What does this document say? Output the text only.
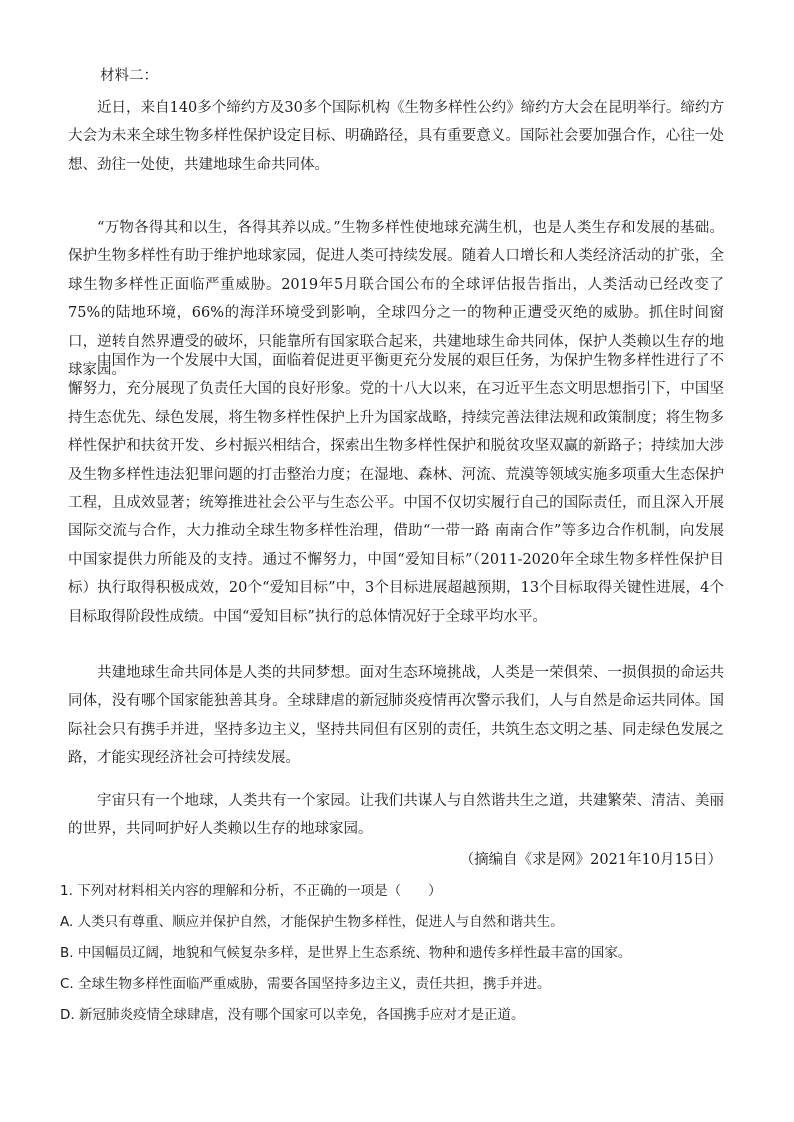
材料二：

近日，来自140多个缔约方及30多个国际机构《生物多样性公约》缔约方大会在昆明举行。缔约方大会为未来全球生物多样性保护设定目标、明确路径，具有重要意义。国际社会要加强合作，心往一处想、劲往一处使，共建地球生命共同体。

“万物各得其和以生，各得其养以成。”生物多样性使地球充满生机，也是人类生存和发展的基础。保护生物多样性有助于维护地球家园，促进人类可持续发展。随着人口增长和人类经济活动的扩张，全球生物多样性正面临严重威胁。2019年5月联合国公布的全球评估报告指出，人类活动已经改变了75%的陆地环境，66%的海洋环境受到影响，全球四分之一的物种正遭受灭绝的威胁。抓住时间窗口，逆转自然界遭受的破坏，只能靠所有国家联合起来，共建地球生命共同体，保护人类赖以生存的地球家园。

中国作为一个发展中大国，面临着促进更平衡更充分发展的艰巨任务，为保护生物多样性进行了不懈努力，充分展现了负责任大国的良好形象。党的十八大以来，在习近平生态文明思想指引下，中国坚持生态优先、绿色发展，将生物多样性保护上升为国家战略，持续完善法律法规和政策制度；将生物多样性保护和扶贫开发、乡村振兴相结合，探索出生物多样性保护和脱贫攻坚双赢的新路子；持续加大涉及生物多样性违法犯罪问题的打击整治力度；在湿地、森林、河流、荒漠等领域实施多项重大生态保护工程，且成效显著；统筹推进社会公平与生态公平。中国不仅切实履行自己的国际责任，而且深入开展国际交流与合作，大力推动全球生物多样性治理，借助“一带一路 南南合作”等多边合作机制，向发展中国家提供力所能及的支持。通过不懈努力，中国“爱知目标”（2011-2020年全球生物多样性保护目标）执行取得积极成效，20个“爱知目标”中，3个目标进展超越预期，13个目标取得关键性进展，4个目标取得阶段性成绩。中国“爱知目标”执行的总体情况好于全球平均水平。

共建地球生命共同体是人类的共同梦想。面对生态环境挑战，人类是一荣俱荣、一损俱损的命运共同体，没有哪个国家能独善其身。全球肆虐的新冠肺炎疫情再次警示我们，人与自然是命运共同体。国际社会只有携手并进，坚持多边主义，坚持共同但有区别的责任，共筑生态文明之基、同走绿色发展之路，才能实现经济社会可持续发展。

宇宙只有一个地球，人类共有一个家园。让我们共谋人与自然谐共生之道，共建繁荣、清洁、美丽的世界，共同呵护好人类赖以生存的地球家园。

（摘编自《求是网》2021年10月15日）
1. 下列对材料相关内容的理解和分析，不正确的一项是（　　）
A. 人类只有尊重、顺应并保护自然，才能保护生物多样性，促进人与自然和谐共生。
B. 中国幅员辽阔，地貌和气候复杂多样，是世界上生态系统、物种和遗传多样性最丰富的国家。
C. 全球生物多样性面临严重威胁，需要各国坚持多边主义，责任共担，携手并进。
D. 新冠肺炎疫情全球肆虐，没有哪个国家可以幸免，各国携手应对才是正道。
